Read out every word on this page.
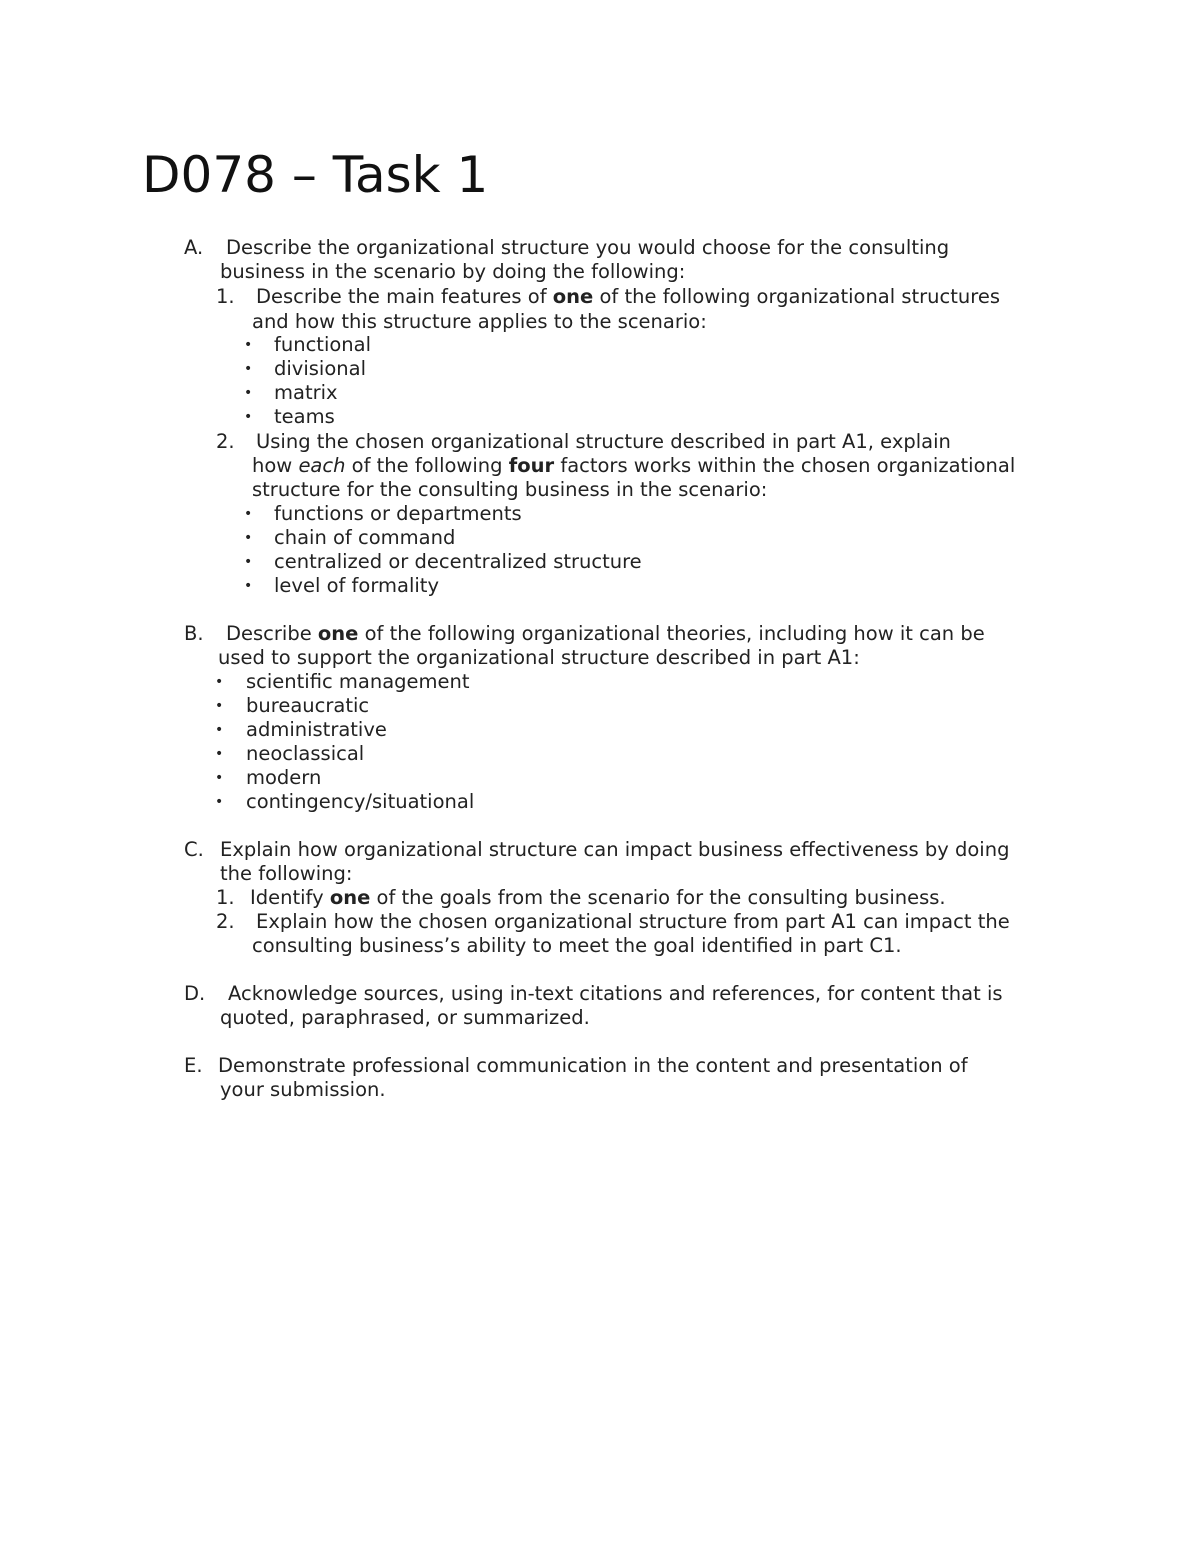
D078 – Task 1
A. Describe the organizational structure you would choose for the consulting
business in the scenario by doing the following:
1. Describe the main features of one of the following organizational structures
and how this structure applies to the scenario:
• functional
• divisional
• matrix
• teams
2. Using the chosen organizational structure described in part A1, explain
how each of the following four factors works within the chosen organizational
structure for the consulting business in the scenario:
• functions or departments
• chain of command
• centralized or decentralized structure
• level of formality
B. Describe one of the following organizational theories, including how it can be
used to support the organizational structure described in part A1:
• scientific management
• bureaucratic
• administrative
• neoclassical
• modern
• contingency/situational
C. Explain how organizational structure can impact business effectiveness by doing
the following:
1. Identify one of the goals from the scenario for the consulting business.
2. Explain how the chosen organizational structure from part A1 can impact the
consulting business’s ability to meet the goal identified in part C1.
D. Acknowledge sources, using in-text citations and references, for content that is
quoted, paraphrased, or summarized.
E. Demonstrate professional communication in the content and presentation of
your submission.
